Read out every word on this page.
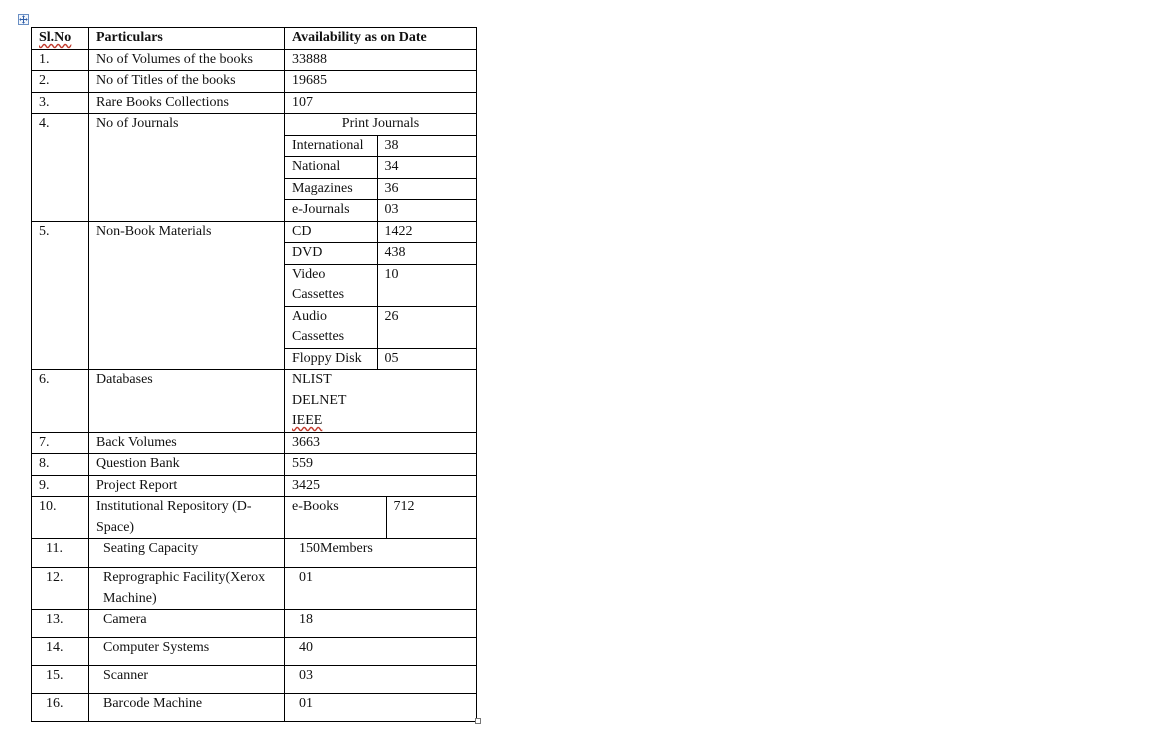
Sl.No	Particulars	Availability as on Date
1.	No of Volumes of the books	33888
2.	No of Titles of the books	19685
3.	Rare Books Collections	107
4.	No of Journals		Print Journals
International	38
National	34
Magazines	36
e-Journals	03

5.	Non-Book Materials		CD	1422
DVD	438
Video Cassettes	10
Audio Cassettes	26
Floppy Disk	05

6.	Databases	NLIST
DELNET
IEEE

7.	Back Volumes	3663
8.	Question Bank	559
9.	Project Report	3425
10.	Institutional Repository (D-Space)	
e-Books	712

11.	Seating Capacity	150Members
12.	Reprographic Facility(Xerox Machine)	01
13.	Camera	18
14.	Computer Systems	40
15.	Scanner	03
16.	Barcode Machine	01
